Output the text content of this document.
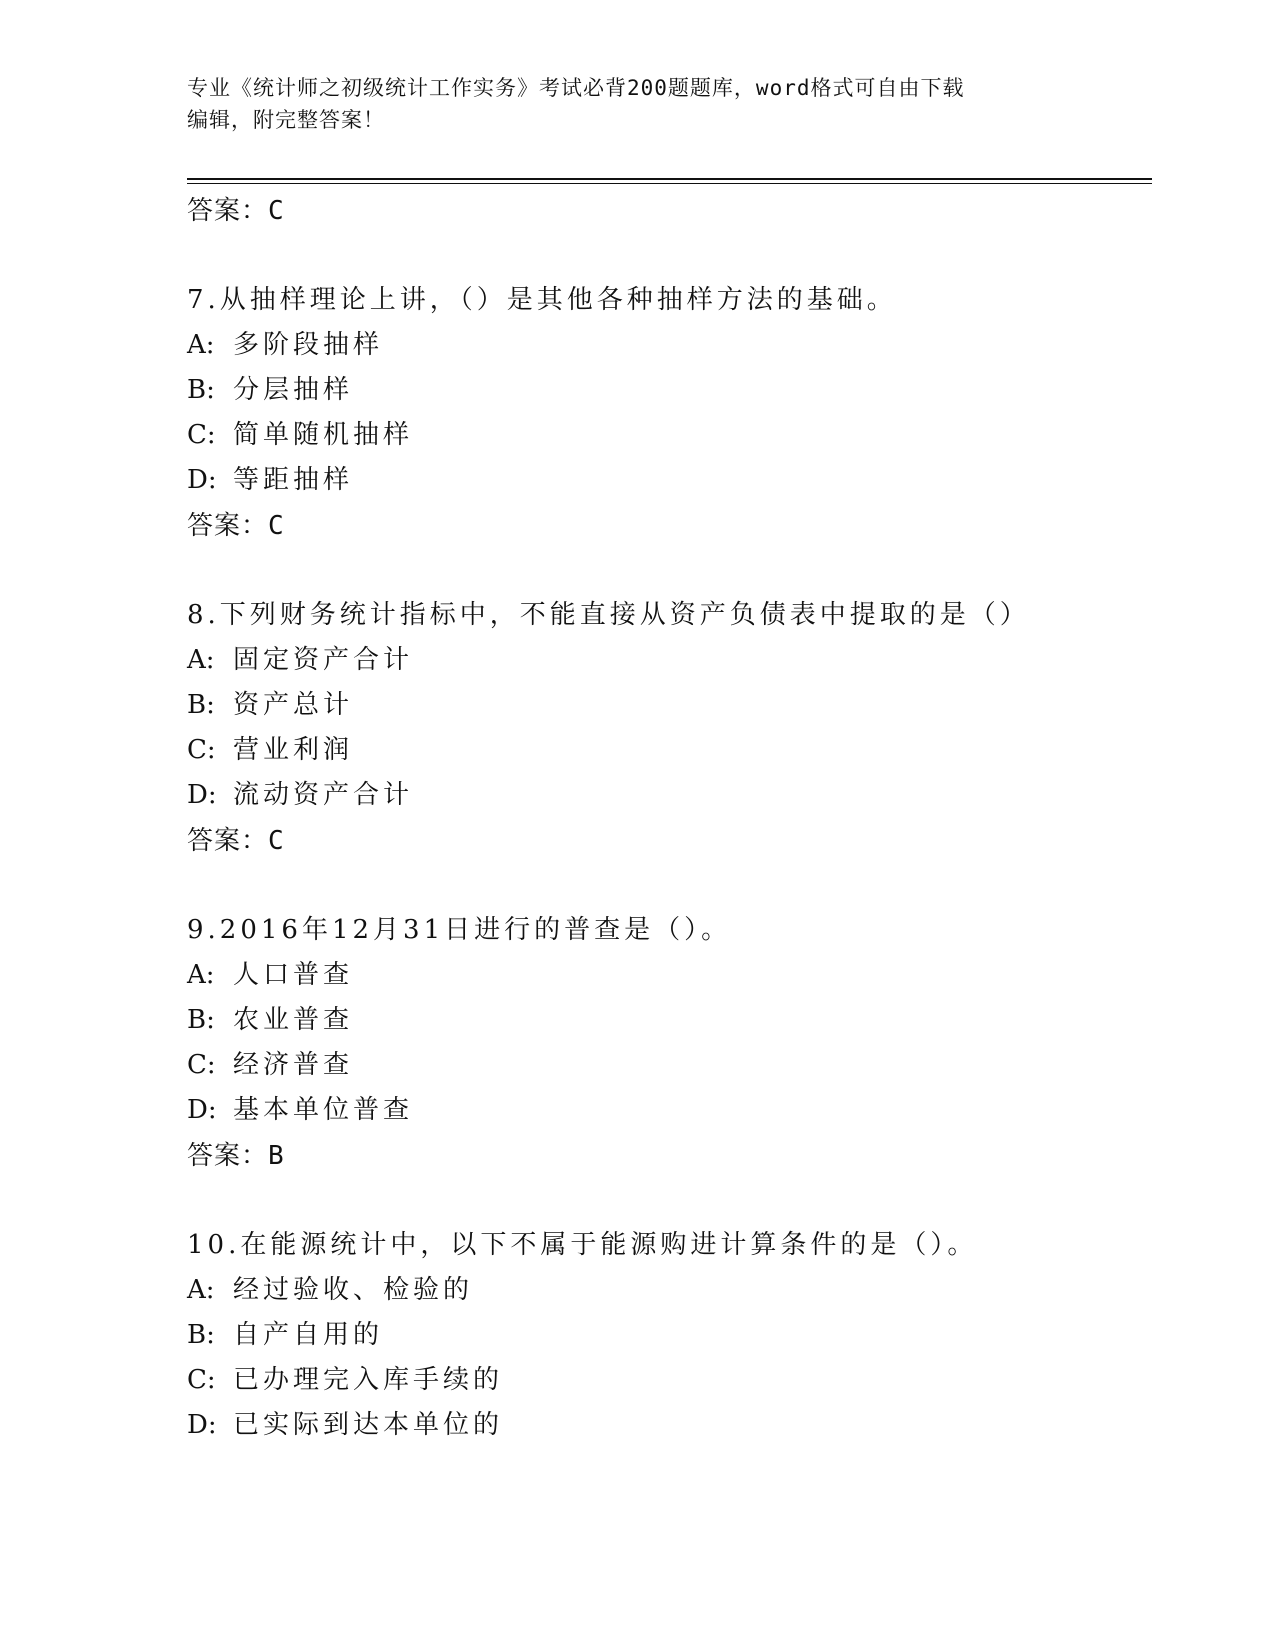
专业《统计师之初级统计工作实务》考试必背200题题库，word格式可自由下载
编辑，附完整答案！
答案：C
7.从抽样理论上讲，（）是其他各种抽样方法的基础。
A: 多阶段抽样
B: 分层抽样
C: 简单随机抽样
D: 等距抽样
答案：C
8.下列财务统计指标中，不能直接从资产负债表中提取的是（）
A: 固定资产合计
B: 资产总计
C: 营业利润
D: 流动资产合计
答案：C
9.2016年12月31日进行的普查是（）。
A: 人口普查
B: 农业普查
C: 经济普查
D: 基本单位普查
答案：B
10.在能源统计中，以下不属于能源购进计算条件的是（）。
A: 经过验收、检验的
B: 自产自用的
C: 已办理完入库手续的
D: 已实际到达本单位的
